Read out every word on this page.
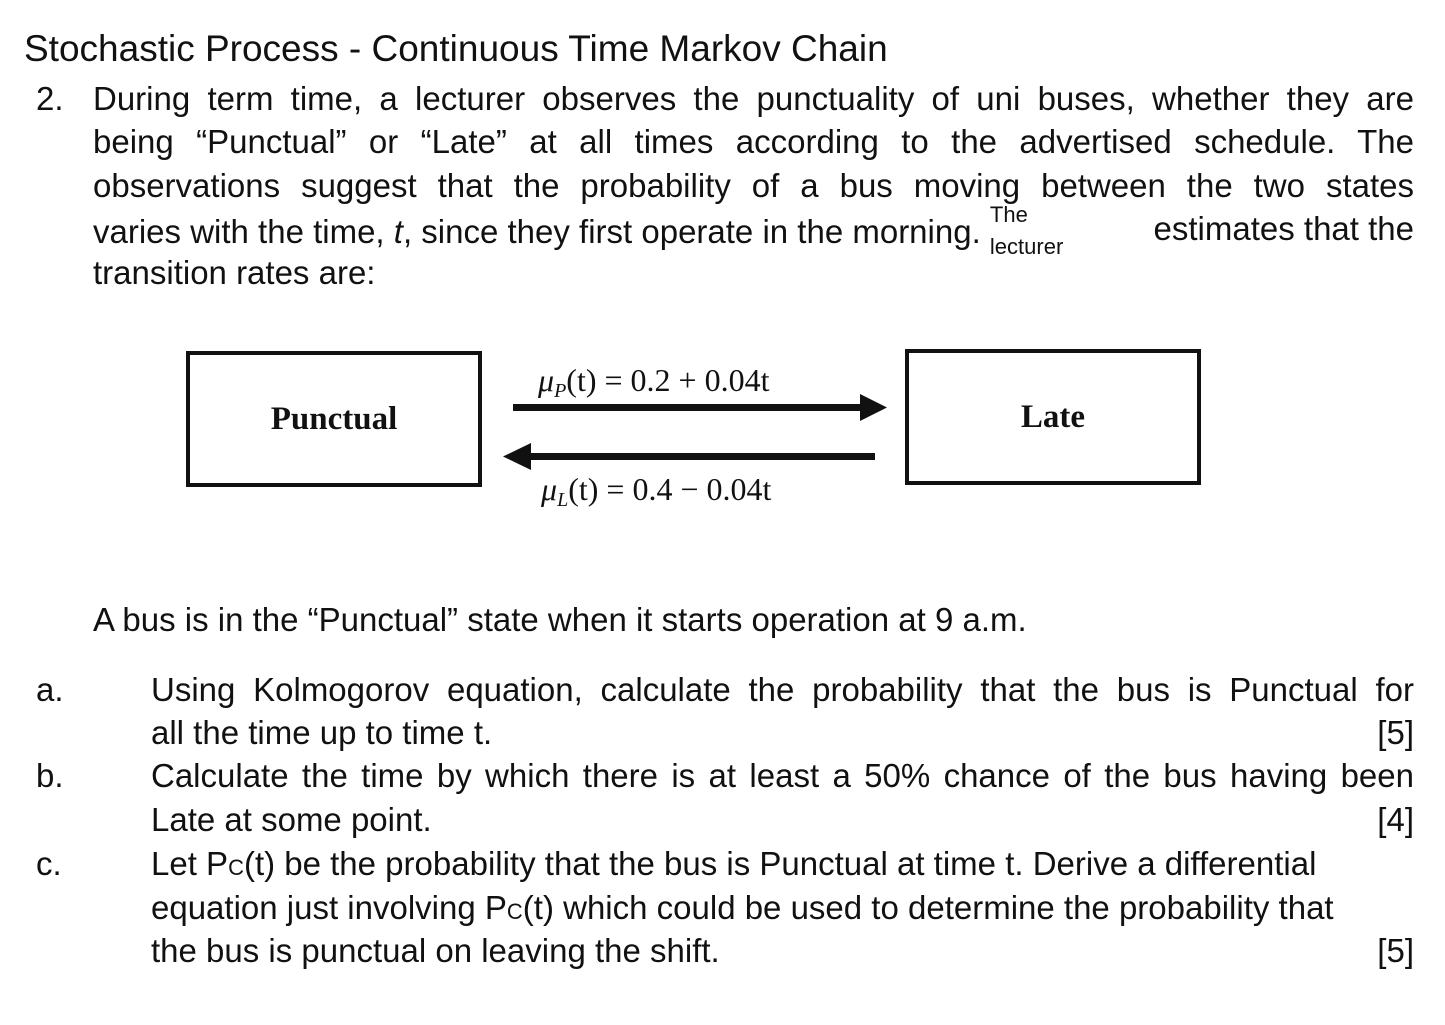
Stochastic Process - Continuous Time Markov Chain
2. During term time, a lecturer observes the punctuality of uni buses, whether they are
being “Punctual” or “Late” at all times according to the advertised schedule. The
observations suggest that the probability of a bus moving between the two states
varies with the time, t, since they first operate in the morning. The
lecturer	estimates that the
transition rates are:
Punctual	Late
$\mu_P(t) = 0.2 + 0.04t$
$\mu_L(t) = 0.4 - 0.04t$
A bus is in the “Punctual” state when it starts operation at 9 a.m.
a.	Using Kolmogorov equation, calculate the probability that the bus is Punctual for
all the time up to time t.	[5]
b.	Calculate the time by which there is at least a 50% chance of the bus having been
Late at some point.	[4]
c.	Let PC(t) be the probability that the bus is Punctual at time t. Derive a differential
equation just involving PC(t) which could be used to determine the probability that
the bus is punctual on leaving the shift.	[5]
